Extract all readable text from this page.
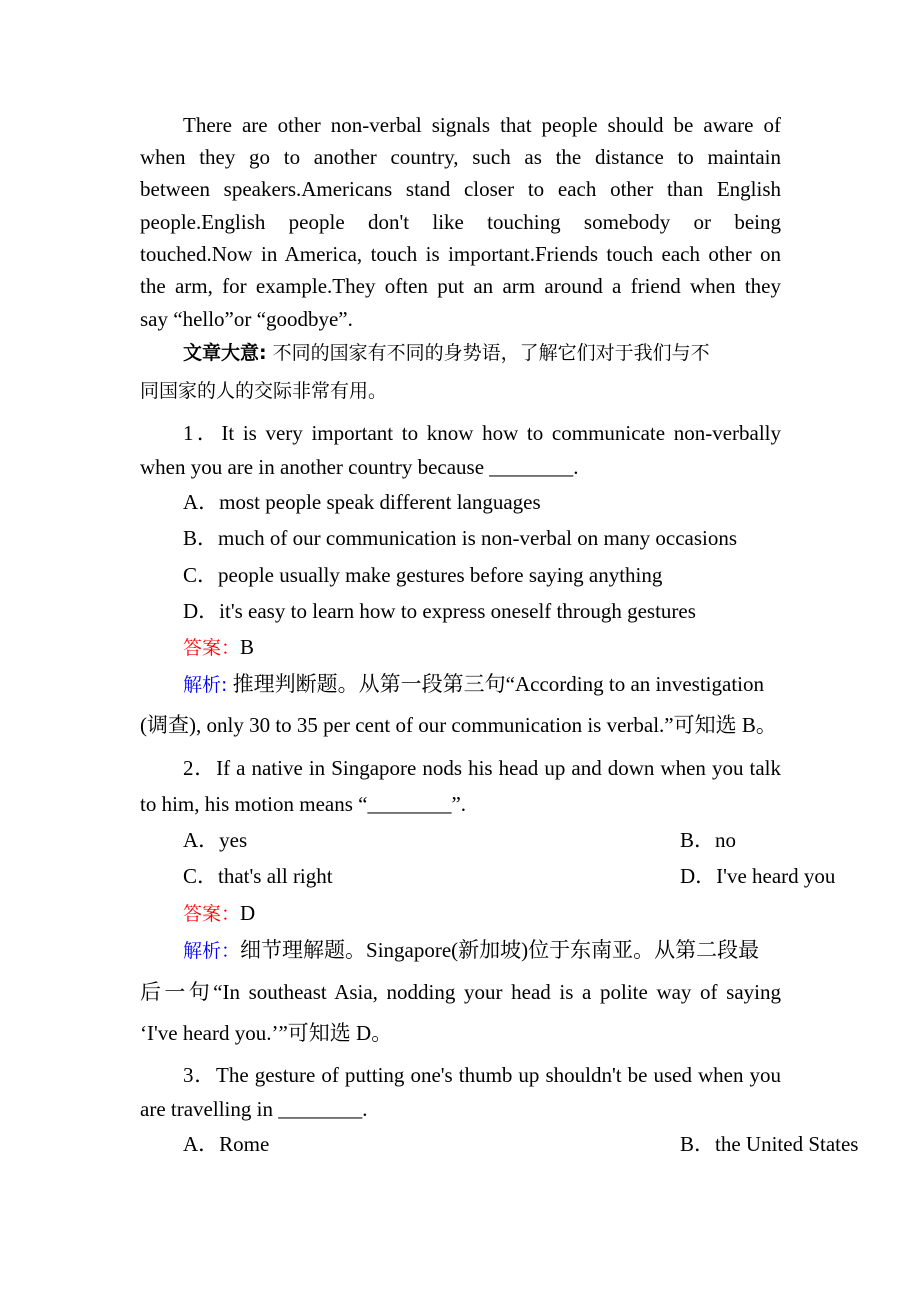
There are other non-verbal signals that people should be aware of
when they go to another country, such as the distance to maintain
between speakers.Americans stand closer to each other than English
people.English people don't like touching somebody or being
touched.Now in America, touch is important.Friends touch each other on
the arm, for example.They often put an arm around a friend when they
say “hello”or “goodbye”.
文章大意: 不同的国家有不同的身势语，了解它们对于我们与不
同国家的人的交际非常有用。
1．It is very important to know how to communicate non-verbally
when you are in another country because ________.
A．most people speak different languages
B．much of our communication is non-verbal on many occasions
C．people usually make gestures before saying anything
D．it's easy to learn how to express oneself through gestures
答案：B
解析: 推理判断题。从第一段第三句“According to an investigation
(调查), only 30 to 35 per cent of our communication is verbal.”可知选 B。
2．If a native in Singapore nods his head up and down when you talk
to him, his motion means “________”.
A．yes	B．no
C．that's all right	D．I've heard you
答案：D
解析：细节理解题。Singapore(新加坡)位于东南亚。从第二段最
后一句“In southeast Asia, nodding your head is a polite way of saying
‘I've heard you.’”可知选 D。
3．The gesture of putting one's thumb up shouldn't be used when you
are travelling in ________.
A．Rome	B．the United States
